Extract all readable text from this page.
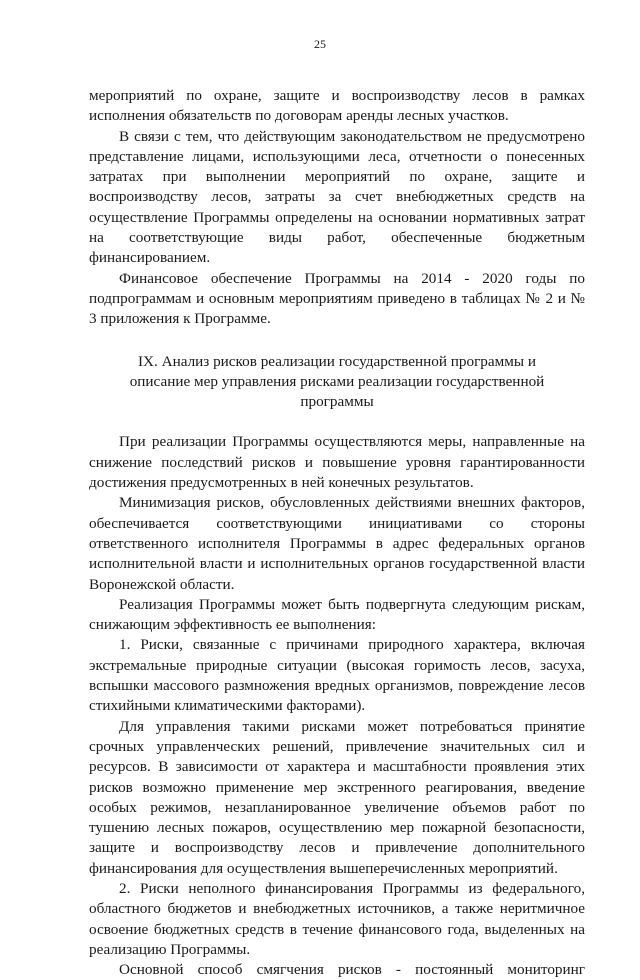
25

мероприятий по охране, защите и воспроизводству лесов в рамках исполнения обязательств по договорам аренды лесных участков.

В связи с тем, что действующим законодательством не предусмотрено представление лицами, использующими леса, отчетности о понесенных затратах при выполнении мероприятий по охране, защите и воспроизводству лесов, затраты за счет внебюджетных средств на осуществление Программы определены на основании нормативных затрат на соответствующие виды работ, обеспеченные бюджетным финансированием.

Финансовое обеспечение Программы на 2014 - 2020 годы по подпрограммам и основным мероприятиям приведено в таблицах № 2 и № 3 приложения к Программе.

IX. Анализ рисков реализации государственной программы и
описание мер управления рисками реализации государственной
программы

При реализации Программы осуществляются меры, направленные на снижение последствий рисков и повышение уровня гарантированности достижения предусмотренных в ней конечных результатов.

Минимизация рисков, обусловленных действиями внешних факторов, обеспечивается соответствующими инициативами со стороны ответственного исполнителя Программы в адрес федеральных органов исполнительной власти и исполнительных органов государственной власти Воронежской области.

Реализация Программы может быть подвергнута следующим рискам, снижающим эффективность ее выполнения:

1. Риски, связанные с причинами природного характера, включая экстремальные природные ситуации (высокая горимость лесов, засуха, вспышки массового размножения вредных организмов, повреждение лесов стихийными климатическими факторами).

Для управления такими рисками может потребоваться принятие срочных управленческих решений, привлечение значительных сил и ресурсов. В зависимости от характера и масштабности проявления этих рисков возможно применение мер экстренного реагирования, введение особых режимов, незапланированное увеличение объемов работ по тушению лесных пожаров, осуществлению мер пожарной безопасности, защите и воспроизводству лесов и привлечение дополнительного финансирования для осуществления вышеперечисленных мероприятий.

2. Риски неполного финансирования Программы из федерального, областного бюджетов и внебюджетных источников, а также неритмичное освоение бюджетных средств в течение финансового года, выделенных на реализацию Программы.

Основной способ смягчения рисков - постоянный мониторинг
